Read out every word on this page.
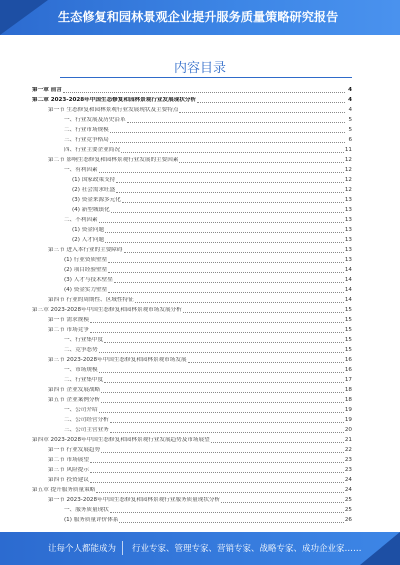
生态修复和园林景观企业提升服务质量策略研究报告
内容目录
第一章 前言	4
第二章 2023-2028年中国生态修复和园林景观行业发展现状分析	4
第一节 生态修复和园林景观行业发展现状及主要特点	4
一、行业发展及历史沿革	5
二、行业市场规模	5
三、行业竞争格局	6
四、行业主要企业简况	11
第二节 影响生态修复和园林景观行业发展的主要因素	12
一、有利因素	12
(1) 国家政策支持	12
(2) 社会需求旺盛	12
(3) 资金来源多元化	13
(4) 新型城镇化	13
二、不利因素	13
(1) 资金问题	13
(2) 人才问题	13
第三节 进入本行业的主要障碍	13
(1) 行业资质壁垒	13
(2) 项目经验壁垒	14
(3) 人才与技术壁垒	14
(4) 资金实力壁垒	14
第四节 行业的周期性、区域性特征	14
第三章 2023-2028年中国生态修复和园林景观市场发展分析	15
第一节 需求规模	15
第二节 市场竞争	15
一、行业集中度	15
二、竞争态势	15
第三节 2023-2028年中国生态修复和园林景观市场发展	16
一、市场规模	16
二、行业集中度	17
第四节 企业发展战略	18
第五节 企业案例分析	18
一、公司介绍	19
二、公司经营分析	19
三、公司主营业务	20
第四章 2023-2028年中国生态修复和园林景观行业发展趋势及市场展望	21
第一节 行业发展趋势	22
第二节 市场展望	23
第三节 风险提示	23
第四节 投资建议	24
第五章 提升服务质量策略	24
第一节 2023-2028年中国生态修复和园林景观行业服务质量现状分析	25
一、服务质量现状	25
(1) 服务质量评价体系	26
让每个人都能成为 行业专家、管理专家、营销专家、战略专家、成功企业家……
